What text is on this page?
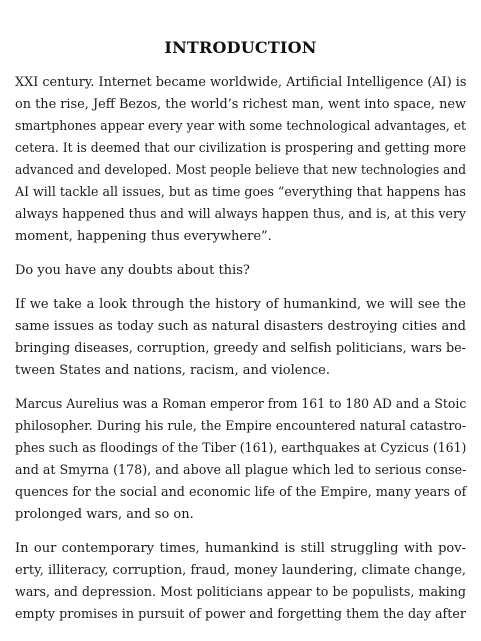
INTRODUCTION

XXI century. Internet became worldwide, Artificial Intelligence (AI) is
on the rise, Jeff Bezos, the world’s richest man, went into space, new
smartphones appear every year with some technological advantages, et
cetera. It is deemed that our civilization is prospering and getting more
advanced and developed. Most people believe that new technologies and
AI will tackle all issues, but as time goes “everything that happens has
always happened thus and will always happen thus, and is, at this very
moment, happening thus everywhere”.

Do you have any doubts about this?

If we take a look through the history of humankind, we will see the
same issues as today such as natural disasters destroying cities and
bringing diseases, corruption, greedy and selfish politicians, wars be-
tween States and nations, racism, and violence.

Marcus Aurelius was a Roman emperor from 161 to 180 AD and a Stoic
philosopher. During his rule, the Empire encountered natural catastro-
phes such as floodings of the Tiber (161), earthquakes at Cyzicus (161)
and at Smyrna (178), and above all plague which led to serious conse-
quences for the social and economic life of the Empire, many years of
prolonged wars, and so on.

In our contemporary times, humankind is still struggling with pov-
erty, illiteracy, corruption, fraud, money laundering, climate change,
wars, and depression. Most politicians appear to be populists, making
empty promises in pursuit of power and forgetting them the day after
